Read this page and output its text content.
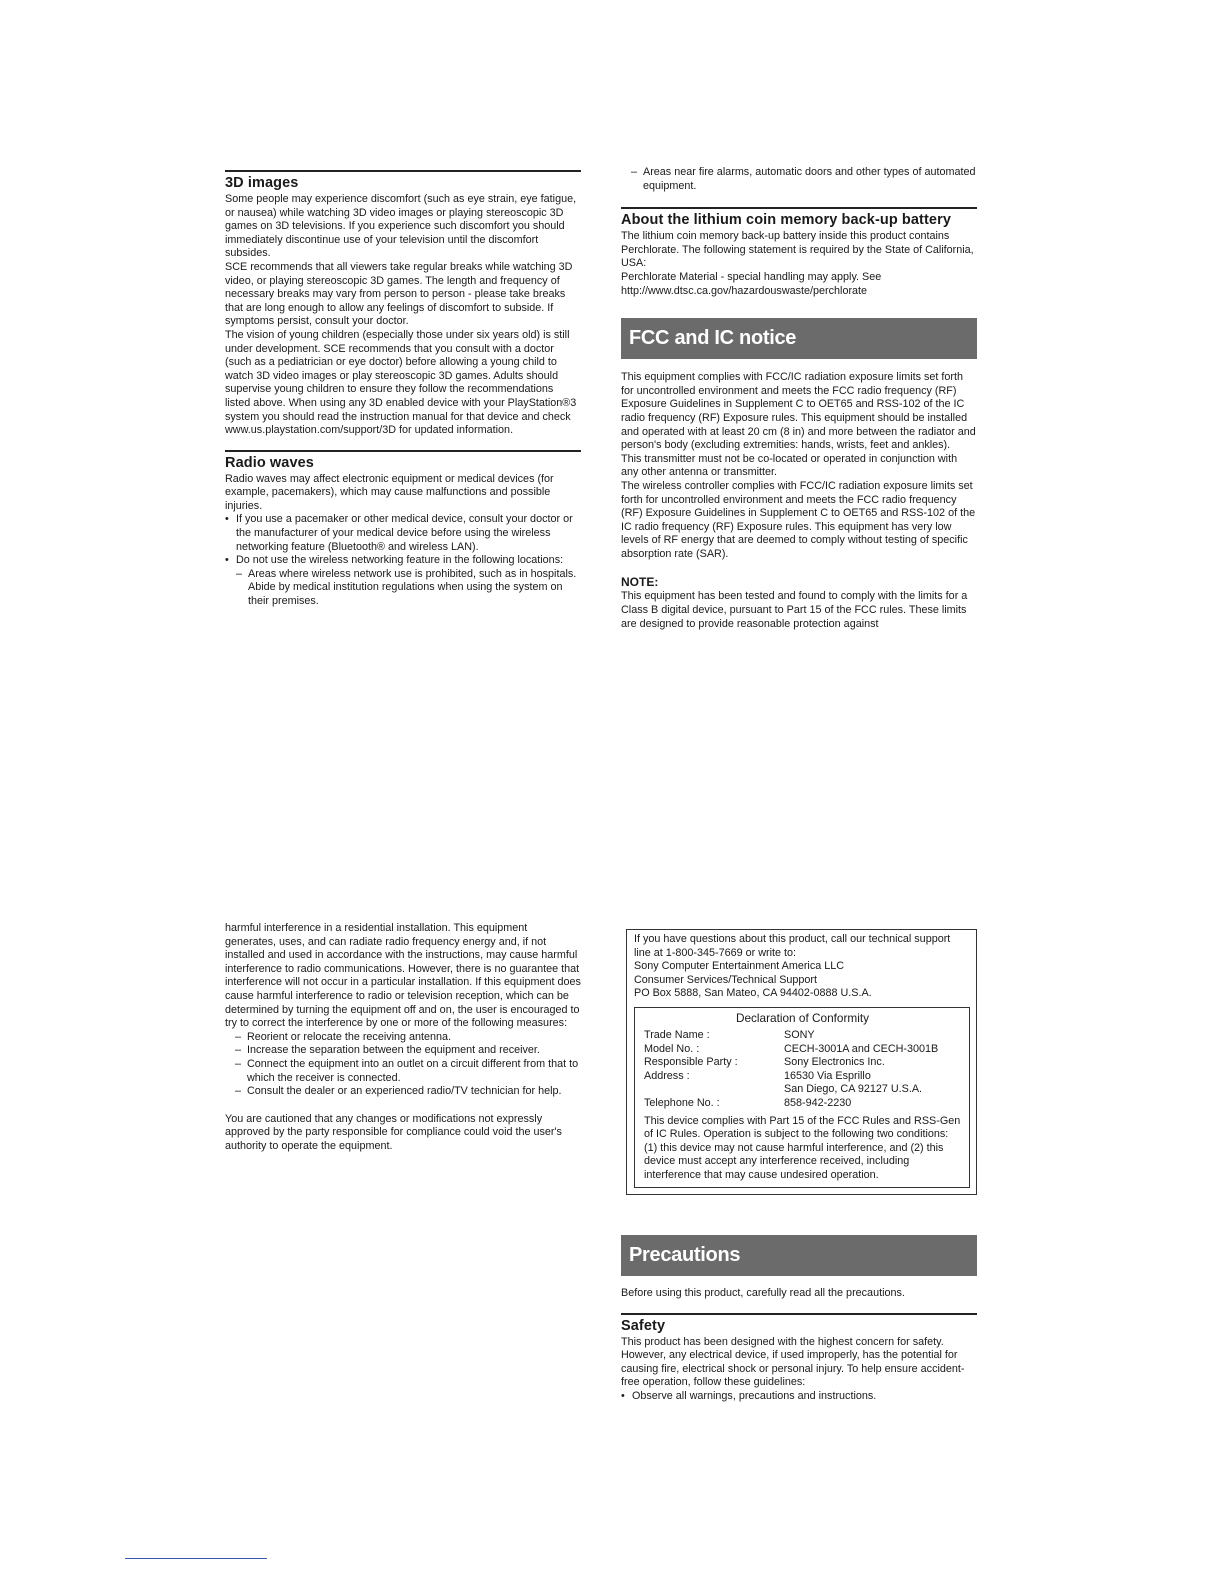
3D images

Some people may experience discomfort (such as eye strain, eye fatigue, or nausea) while watching 3D video images or playing stereoscopic 3D games on 3D televisions. If you experience such discomfort you should immediately discontinue use of your television until the discomfort subsides.

SCE recommends that all viewers take regular breaks while watching 3D video, or playing stereoscopic 3D games. The length and frequency of necessary breaks may vary from person to person - please take breaks that are long enough to allow any feelings of discomfort to subside. If symptoms persist, consult your doctor.

The vision of young children (especially those under six years old) is still under development. SCE recommends that you consult with a doctor (such as a pediatrician or eye doctor) before allowing a young child to watch 3D video images or play stereoscopic 3D games. Adults should supervise young children to ensure they follow the recommendations listed above. When using any 3D enabled device with your PlayStation®3 system you should read the instruction manual for that device and check www.us.playstation.com/support/3D for updated information.

Radio waves

Radio waves may affect electronic equipment or medical devices (for example, pacemakers), which may cause malfunctions and possible injuries.

• If you use a pacemaker or other medical device, consult your doctor or the manufacturer of your medical device before using the wireless networking feature (Bluetooth® and wireless LAN).
• Do not use the wireless networking feature in the following locations:
– Areas where wireless network use is prohibited, such as in hospitals. Abide by medical institution regulations when using the system on their premises.
– Areas near fire alarms, automatic doors and other types of automated equipment.
About the lithium coin memory back-up battery

The lithium coin memory back-up battery inside this product contains Perchlorate. The following statement is required by the State of California, USA:

Perchlorate Material - special handling may apply. See http://www.dtsc.ca.gov/hazardouswaste/perchlorate

FCC and IC notice

This equipment complies with FCC/IC radiation exposure limits set forth for uncontrolled environment and meets the FCC radio frequency (RF) Exposure Guidelines in Supplement C to OET65 and RSS-102 of the IC radio frequency (RF) Exposure rules. This equipment should be installed and operated with at least 20 cm (8 in) and more between the radiator and person's body (excluding extremities: hands, wrists, feet and ankles).

This transmitter must not be co-located or operated in conjunction with any other antenna or transmitter.

The wireless controller complies with FCC/IC radiation exposure limits set forth for uncontrolled environment and meets the FCC radio frequency (RF) Exposure Guidelines in Supplement C to OET65 and RSS-102 of the IC radio frequency (RF) Exposure rules. This equipment has very low levels of RF energy that are deemed to comply without testing of specific absorption rate (SAR).

NOTE:
This equipment has been tested and found to comply with the limits for a Class B digital device, pursuant to Part 15 of the FCC rules. These limits are designed to provide reasonable protection against

harmful interference in a residential installation. This equipment generates, uses, and can radiate radio frequency energy and, if not installed and used in accordance with the instructions, may cause harmful interference to radio communications. However, there is no guarantee that interference will not occur in a particular installation. If this equipment does cause harmful interference to radio or television reception, which can be determined by turning the equipment off and on, the user is encouraged to try to correct the interference by one or more of the following measures:

– Reorient or relocate the receiving antenna.
– Increase the separation between the equipment and receiver.
– Connect the equipment into an outlet on a circuit different from that to which the receiver is connected.
– Consult the dealer or an experienced radio/TV technician for help.

You are cautioned that any changes or modifications not expressly approved by the party responsible for compliance could void the user's authority to operate the equipment.

If you have questions about this product, call our technical support line at 1-800-345-7669 or write to:

Sony Computer Entertainment America LLC

Consumer Services/Technical Support

PO Box 5888, San Mateo, CA 94402-0888 U.S.A.

Declaration of Conformity
Trade Name :	SONY
Model No. :	CECH-3001A and CECH-3001B
Responsible Party :	Sony Electronics Inc.
Address :	16530 Via Esprillo
San Diego, CA 92127 U.S.A.

Telephone No. :	858-942-2230
This device complies with Part 15 of the FCC Rules and RSS-Gen of IC Rules. Operation is subject to the following two conditions: (1) this device may not cause harmful interference, and (2) this device must accept any interference received, including interference that may cause undesired operation.
Precautions
Before using this product, carefully read all the precautions.
Safety

This product has been designed with the highest concern for safety. However, any electrical device, if used improperly, has the potential for causing fire, electrical shock or personal injury. To help ensure accident-free operation, follow these guidelines:

• Observe all warnings, precautions and instructions.
